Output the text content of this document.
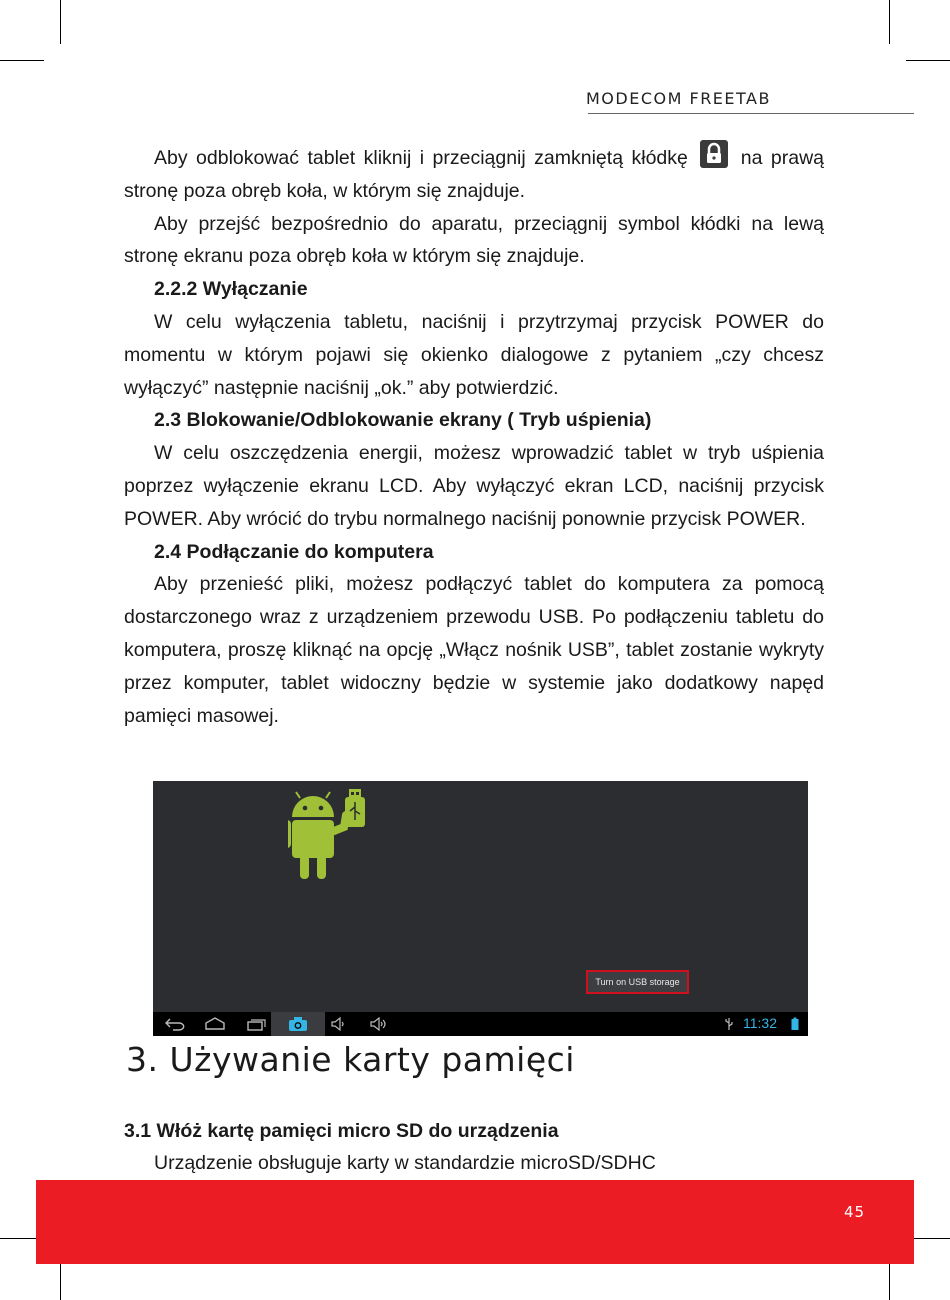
MODECOM FREETAB

Aby odblokować tablet kliknij i przeciągnij zamkniętą kłódkę	na prawą stronę poza obręb koła, w którym się znajduje.

Aby przejść bezpośrednio do aparatu, przeciągnij symbol kłódki na lewą stronę ekranu poza obręb koła w którym się znajduje.

2.2.2 Wyłączanie

W celu wyłączenia tabletu, naciśnij i przytrzymaj przycisk POWER do momentu w którym pojawi się okienko dialogowe z pytaniem „czy chcesz wyłączyć” następnie naciśnij „ok.” aby potwierdzić.

2.3 Blokowanie/Odblokowanie ekrany ( Tryb uśpienia)

W celu oszczędzenia energii, możesz wprowadzić tablet w tryb uśpienia poprzez wyłączenie ekranu LCD. Aby wyłączyć ekran LCD, naciśnij przycisk POWER. Aby wrócić do trybu normalnego naciśnij ponownie przycisk POWER.

2.4 Podłączanie do komputera

Aby przenieść pliki, możesz podłączyć tablet do komputera za pomocą dostarczonego wraz z urządzeniem przewodu USB. Po podłączeniu tabletu do komputera, proszę kliknąć na opcję „Włącz nośnik USB”, tablet zostanie wykryty przez komputer, tablet widoczny będzie w systemie jako dodatkowy napęd pamięci masowej.

Turn on USB storage
11:32
3. Używanie karty pamięci
3.1 Włóż kartę pamięci micro SD do urządzenia
Urządzenie obsługuje karty w standardzie microSD/SDHC
45
